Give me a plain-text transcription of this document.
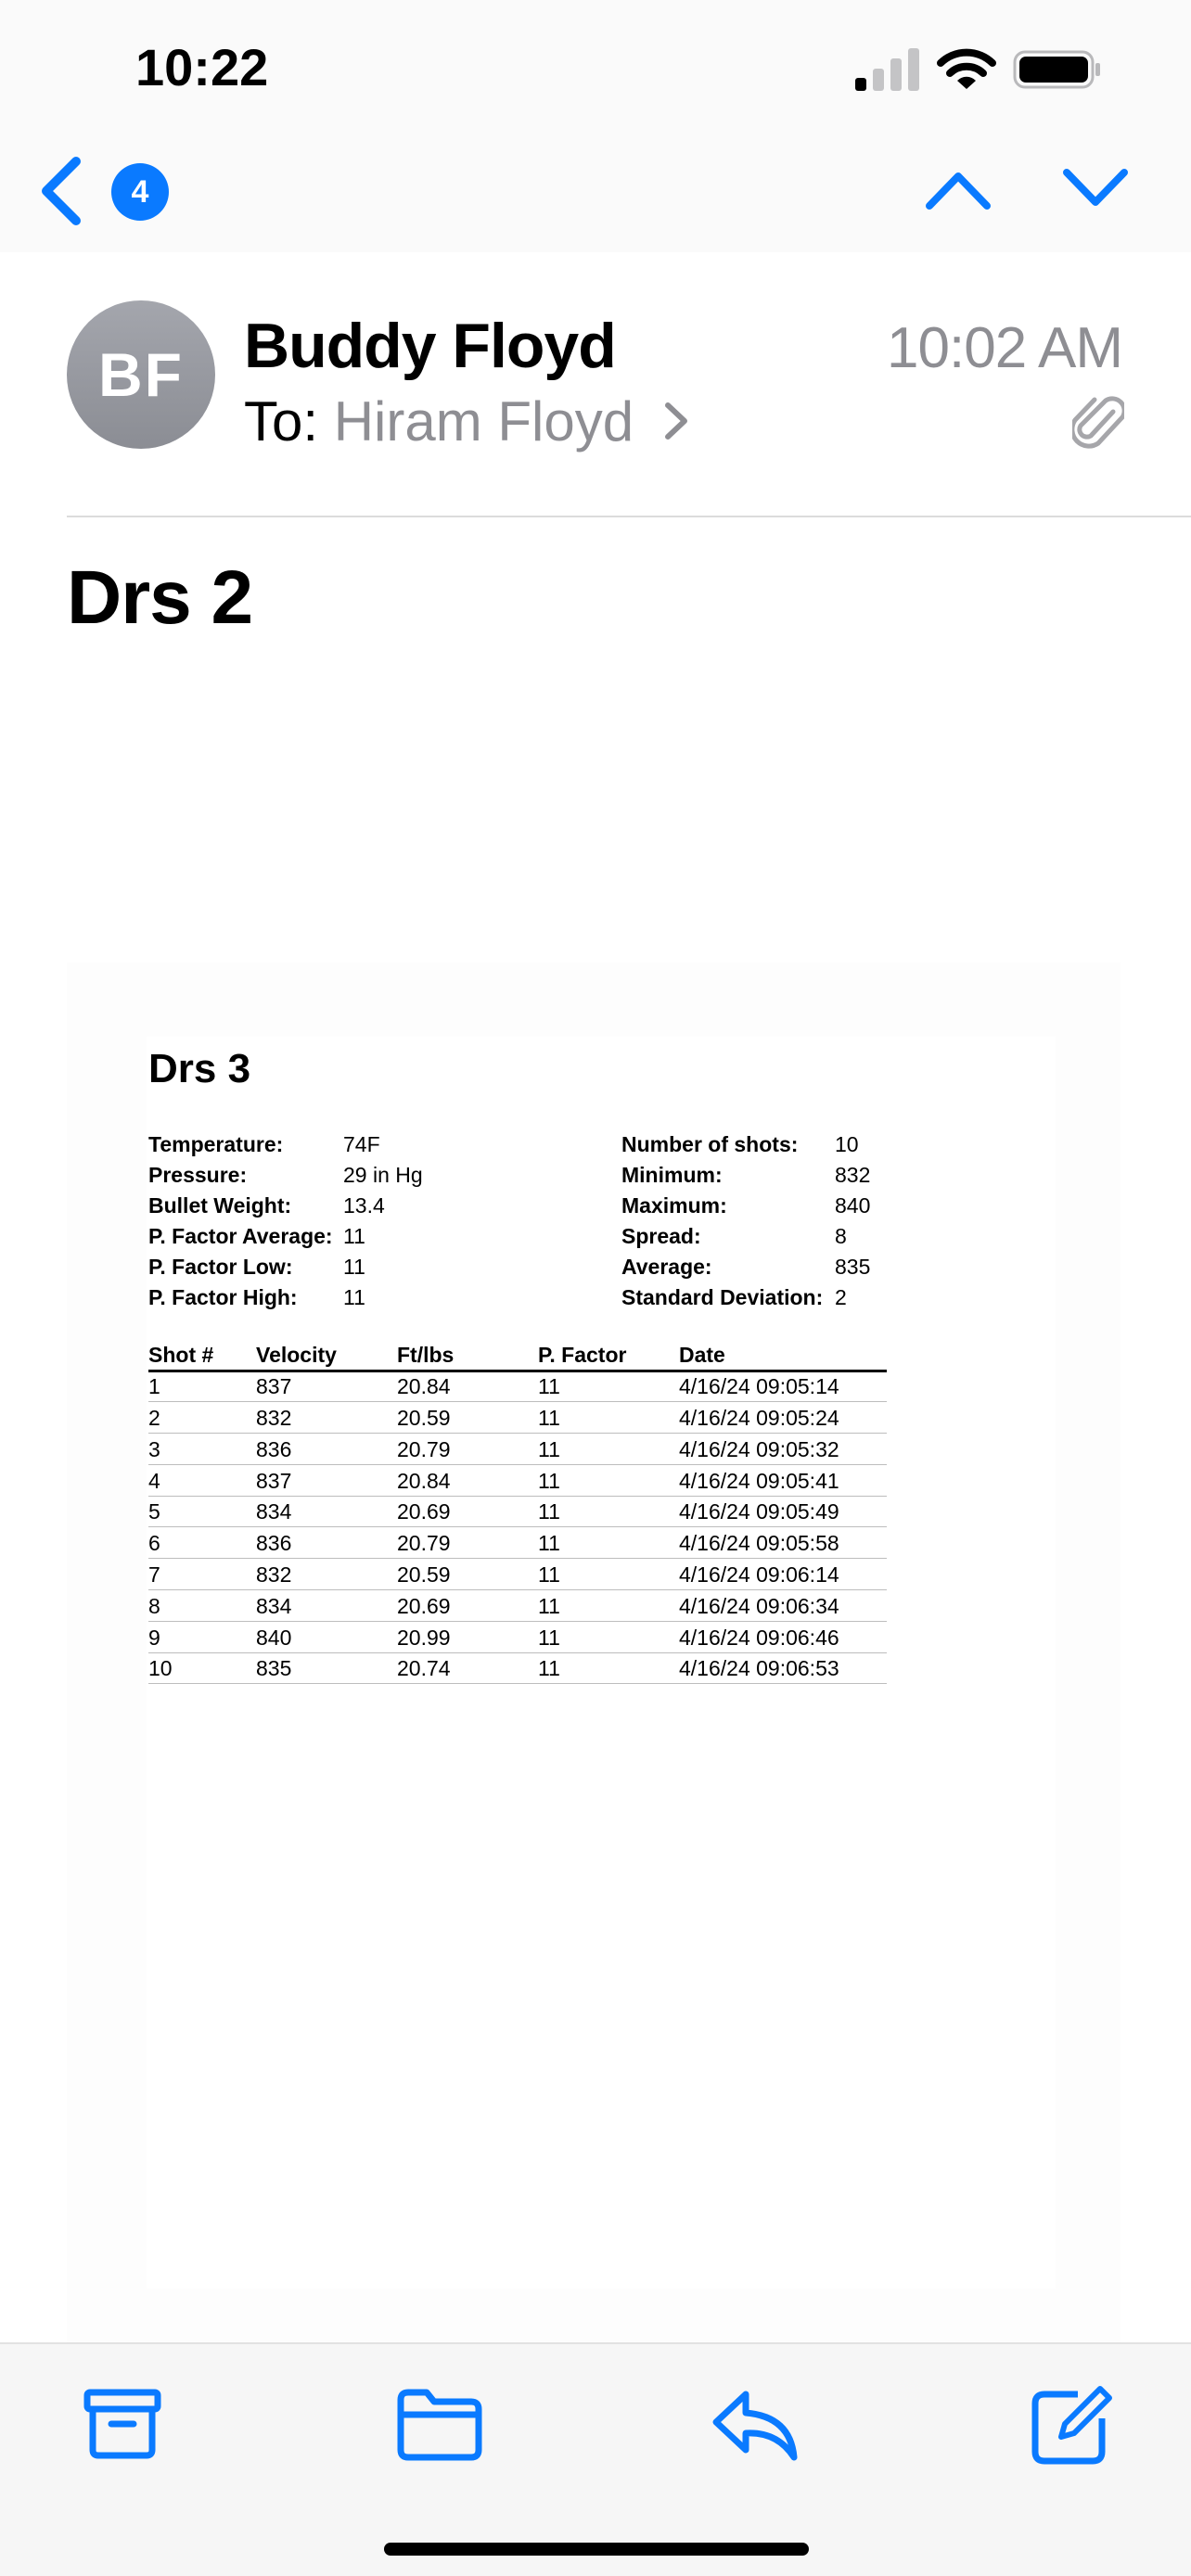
10:22
4
BF Buddy Floyd
To: Hiram Floyd
10:02 AM
Drs 2
Drs 3
Temperature:	74F
Pressure:	29 in Hg
Bullet Weight:	13.4
P. Factor Average: 11
P. Factor Low:	11
P. Factor High:	11
Number of shots:	10
Minimum:	832
Maximum:	840
Spread:	8
Average:	835
Standard Deviation: 2
Shot #	Velocity	Ft/lbs	P. Factor	Date
1	837	20.84	11	4/16/24 09:05:14
2	832	20.59	11	4/16/24 09:05:24
3	836	20.79	11	4/16/24 09:05:32
4	837	20.84	11	4/16/24 09:05:41
5	834	20.69	11	4/16/24 09:05:49
6	836	20.79	11	4/16/24 09:05:58
7	832	20.59	11	4/16/24 09:06:14
8	834	20.69	11	4/16/24 09:06:34
9	840	20.99	11	4/16/24 09:06:46
10	835	20.74	11	4/16/24 09:06:53
